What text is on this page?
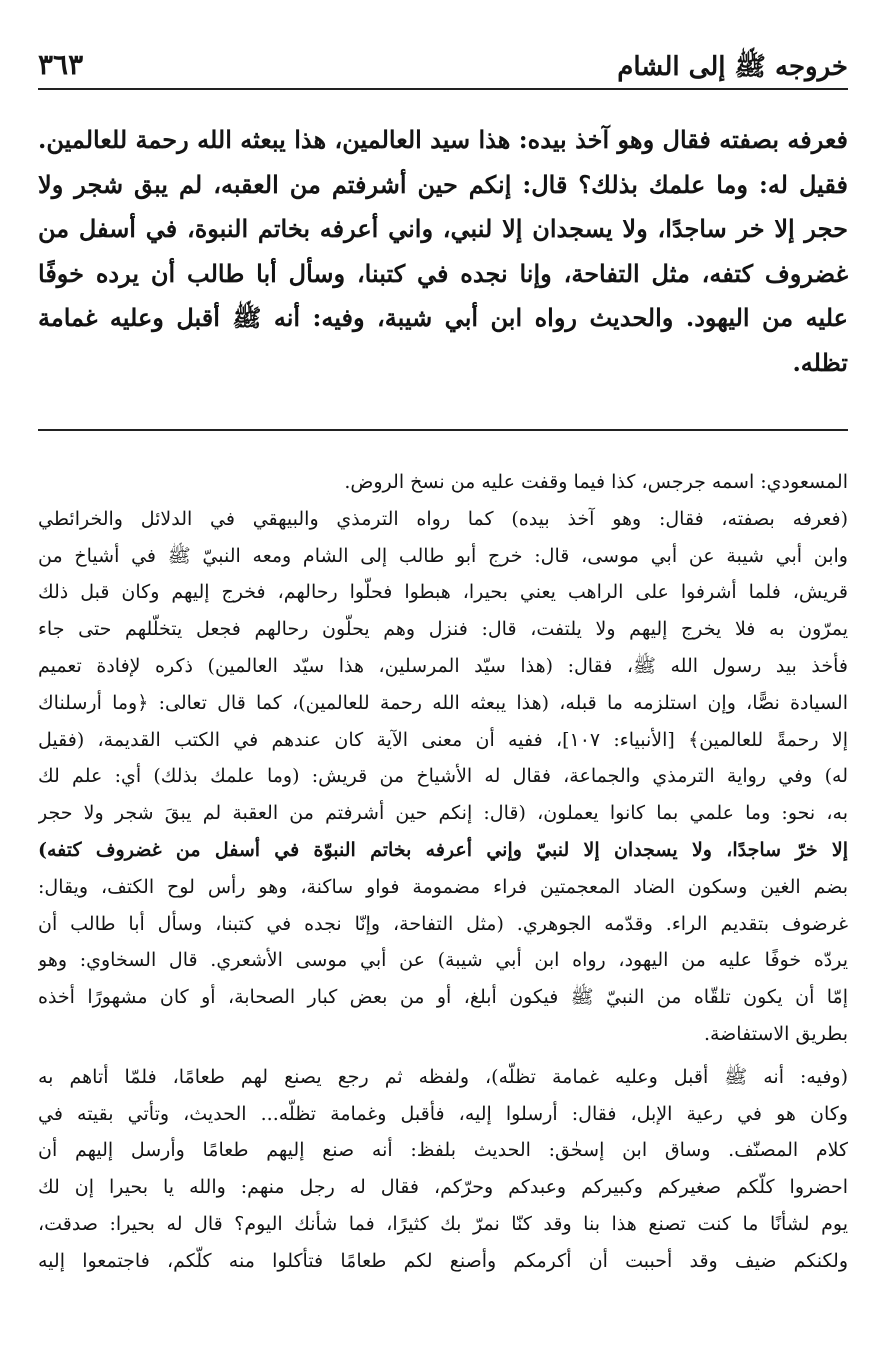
خروجه ﷺ إلى الشام
٣٦٣
فعرفه بصفته فقال وهو آخذ بيده: هذا سيد العالمين، هذا يبعثه الله رحمة للعالمين.
فقيل له: وما علمك بذلك؟ قال: إنكم حين أشرفتم من العقبه، لم يبق شجر ولا
حجر إلا خر ساجدًا، ولا يسجدان إلا لنبي، واني أعرفه بخاتم النبوة، في أسفل من
غضروف كتفه، مثل التفاحة، وإنا نجده في كتبنا، وسأل أبا طالب أن يرده خوفًا
عليه من اليهود. والحديث رواه ابن أبي شيبة، وفيه: أنه ﷺ أقبل وعليه غمامة
تظله.
المسعودي: اسمه جرجس، كذا فيما وقفت عليه من نسخ الروض.
(فعرفه بصفته، فقال: وهو آخذ بيده) كما رواه الترمذي والبيهقي في الدلائل والخرائطي
وابن أبي شيبة عن أبي موسى، قال: خرج أبو طالب إلى الشام ومعه النبيّ ﷺ في أشياخ من
قريش، فلما أشرفوا على الراهب يعني بحيرا، هبطوا فحلّوا رحالهم، فخرج إليهم وكان قبل ذلك
يمرّون به فلا يخرج إليهم ولا يلتفت، قال: فنزل وهم يحلّون رحالهم فجعل يتخلّلهم حتى جاء
فأخذ بيد رسول الله ﷺ، فقال: (هذا سيّد المرسلين، هذا سيّد العالمين) ذكره لإفادة تعميم
السيادة نصًّا، وإن استلزمه ما قبله، (هذا يبعثه الله رحمة للعالمين)، كما قال تعالى: ﴿وما أرسلناك
إلا رحمةً للعالمين﴾ [الأنبياء: ١٠٧]، ففيه أن معنى الآية كان عندهم في الكتب القديمة، (فقيل
له) وفي رواية الترمذي والجماعة، فقال له الأشياخ من قريش: (وما علمك بذلك) أي: علم لك
به، نحو: وما علمي بما كانوا يعملون، (قال: إنكم حين أشرفتم من العقبة لم يبقَ شجر ولا حجر
إلا خرّ ساجدًا، ولا يسجدان إلا لنبيّ وإني أعرفه بخاتم النبوّة في أسفل من غضروف كتفه)
بضم الغين وسكون الضاد المعجمتين فراء مضمومة فواو ساكنة، وهو رأس لوح الكتف، ويقال:
غرضوف بتقديم الراء. وقدّمه الجوهري. (مثل التفاحة، وإنّا نجده في كتبنا، وسأل أبا طالب أن
يردّه خوفًا عليه من اليهود، رواه ابن أبي شيبة) عن أبي موسى الأشعري. قال السخاوي: وهو
إمّا أن يكون تلقّاه من النبيّ ﷺ فيكون أبلغ، أو من بعض كبار الصحابة، أو كان مشهورًا أخذه
بطريق الاستفاضة.
(وفيه: أنه ﷺ أقبل وعليه غمامة تظلّه)، ولفظه ثم رجع يصنع لهم طعامًا، فلمّا أتاهم به
وكان هو في رعية الإبل، فقال: أرسلوا إليه، فأقبل وغمامة تظلّه... الحديث، وتأتي بقيته في
كلام المصنّف. وساق ابن إسحٰق: الحديث بلفظ: أنه صنع إليهم طعامًا وأرسل إليهم أن
احضروا كلّكم صغيركم وكبيركم وعبدكم وحرّكم، فقال له رجل منهم: والله يا بحيرا إن لك
يوم لشأنًا ما كنت تصنع هذا بنا وقد كنّا نمرّ بك كثيرًا، فما شأنك اليوم؟ قال له بحيرا: صدقت،
ولكنكم ضيف وقد أحببت أن أكرمكم وأصنع لكم طعامًا فتأكلوا منه كلّكم، فاجتمعوا إليه
